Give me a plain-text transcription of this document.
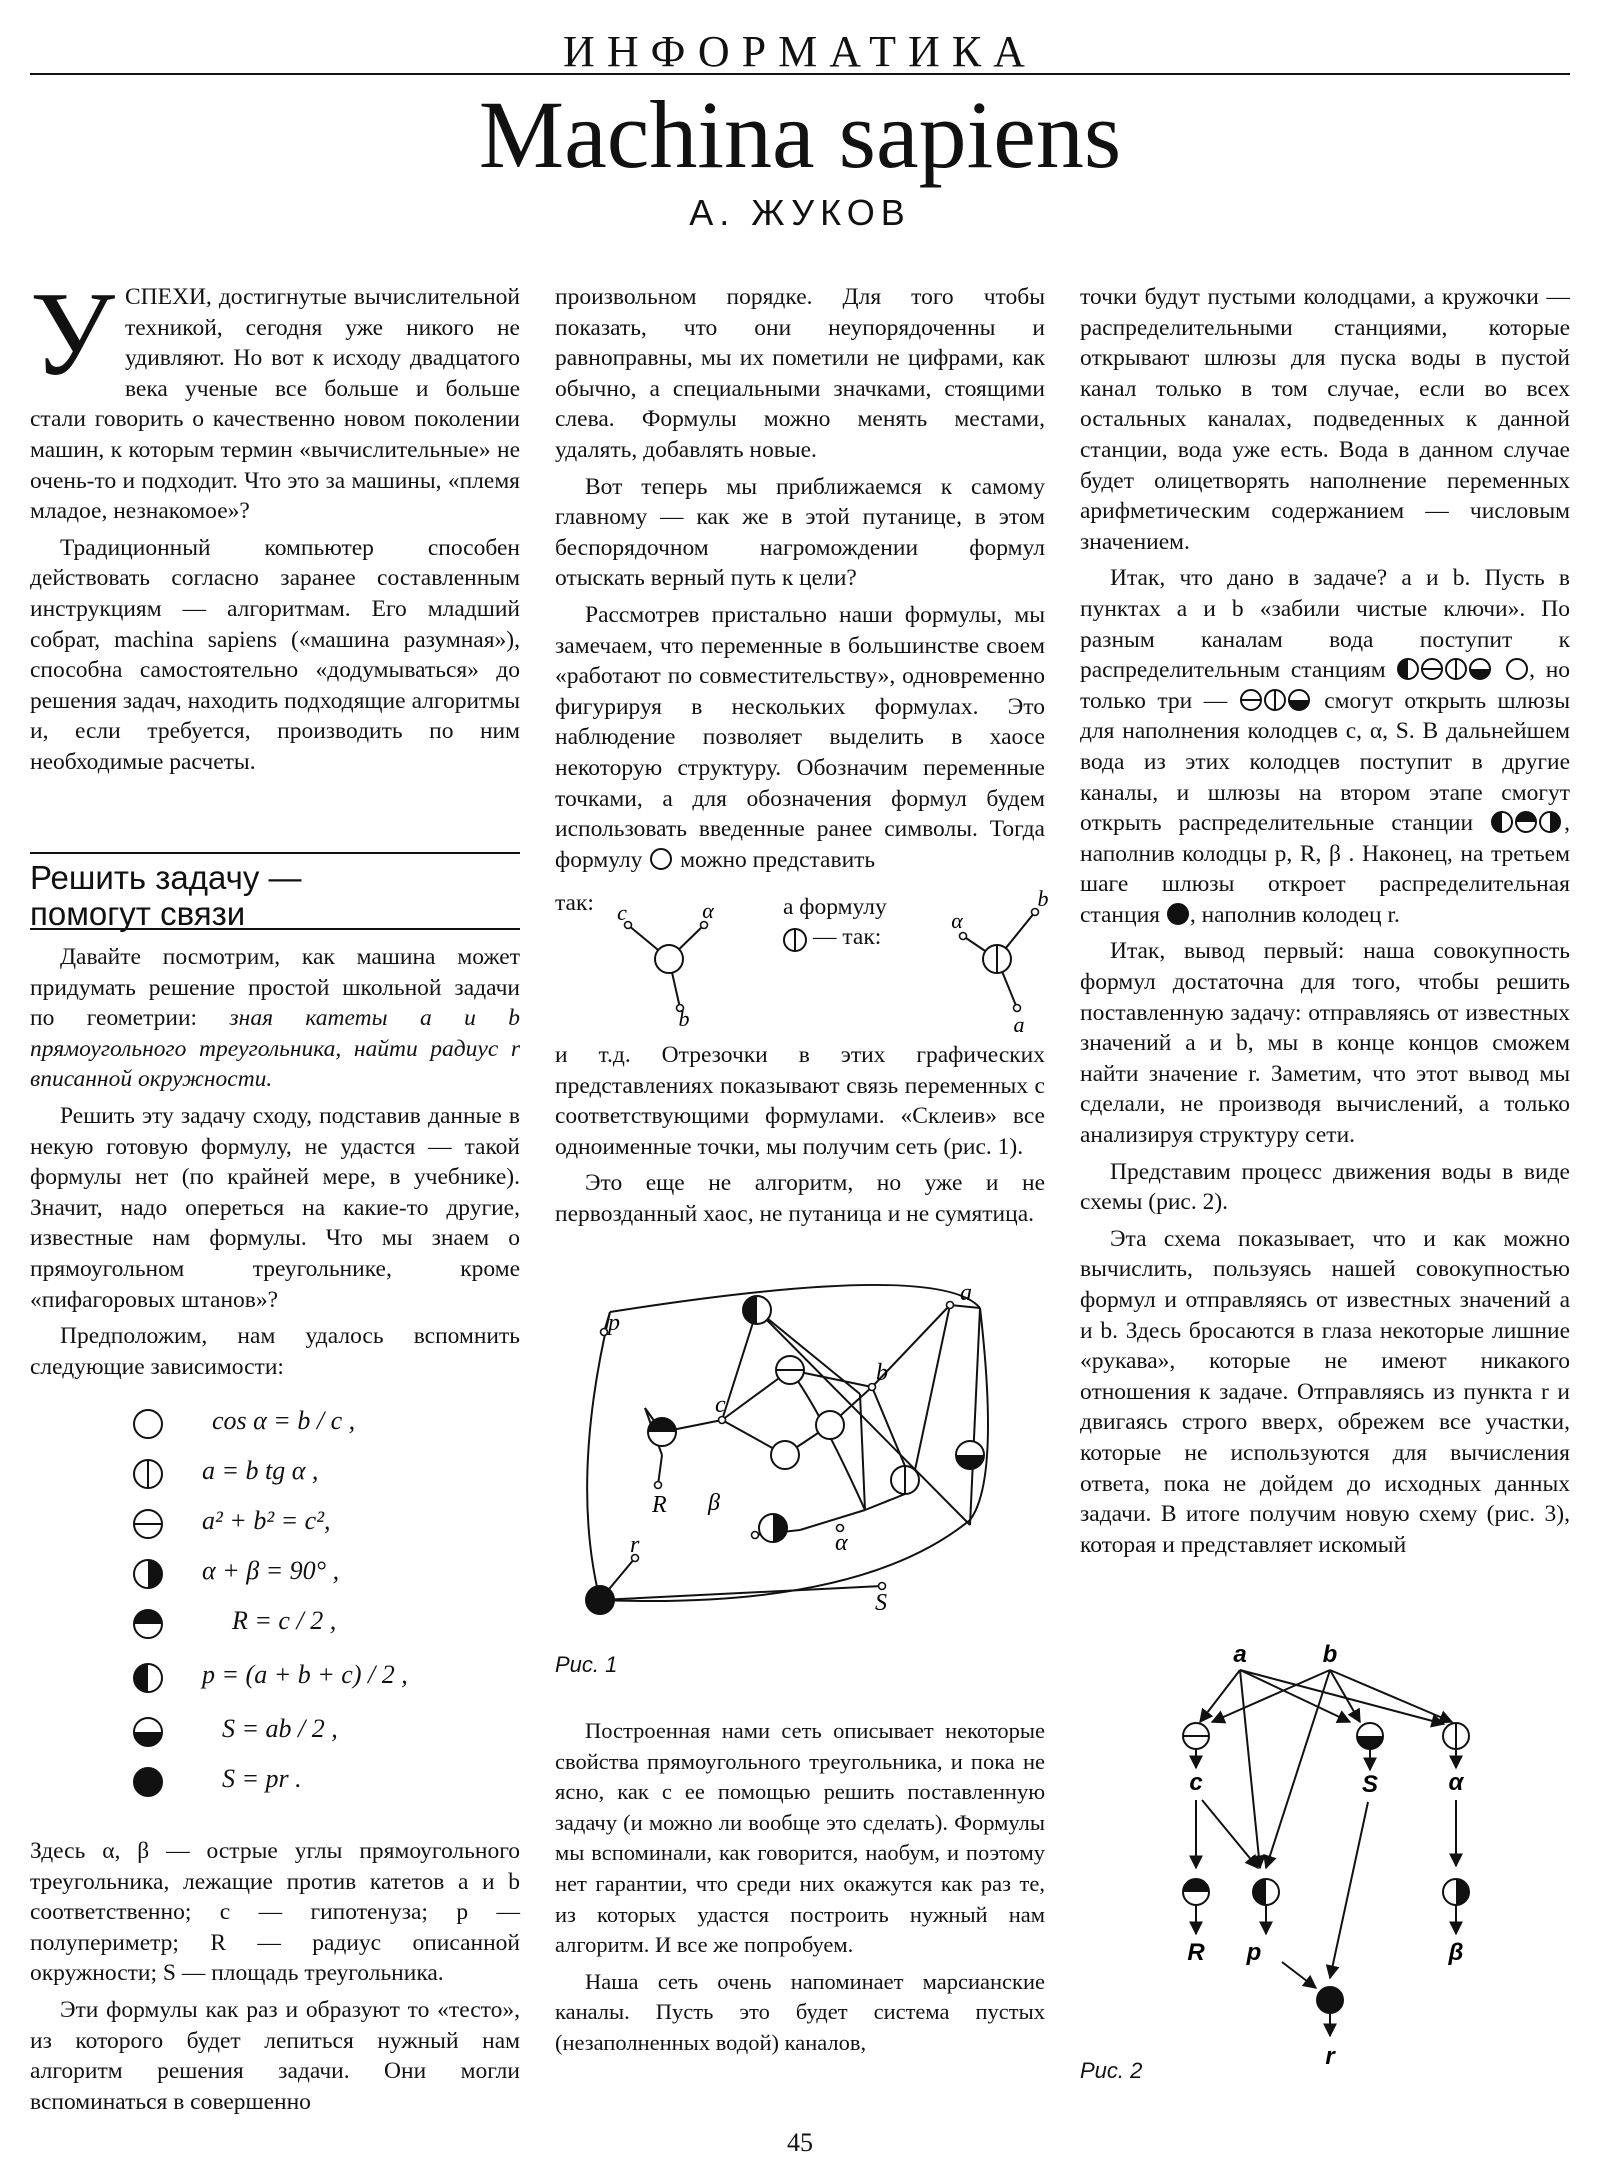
ИНФОРМАТИКА
Machina sapiens
А. ЖУКОВ
У СПЕХИ, достигнутые вычислительной техникой, сегодня уже никого не удивляют. Но вот к исходу двадцатого века ученые все больше и больше стали говорить о качественно новом поколении машин, к которым термин «вычислительные» не очень-то и подходит. Что это за машины, «племя младое, незнакомое»?

Традиционный компьютер способен действовать согласно заранее составленным инструкциям — алгоритмам. Его младший собрат, machina sapiens («машина разумная»), способна самостоятельно «додумываться» до решения задач, находить подходящие алгоритмы и, если требуется, производить по ним необходимые расчеты.

Решить задачу — помогут связи

Давайте посмотрим, как машина может придумать решение простой школьной задачи по геометрии: зная катеты a и b прямоугольного треугольника, найти радиус r вписанной окружности.

Решить эту задачу сходу, подставив данные в некую готовую формулу, не удастся — такой формулы нет (по крайней мере, в учебнике). Значит, надо опереться на какие-то другие, известные нам формулы. Что мы знаем о прямоугольном треугольнике, кроме «пифагоровых штанов»?

Предположим, нам удалось вспомнить следующие зависимости:

cos α = b / c ,
a = b tg α ,
a² + b² = c²,
α + β = 90° ,
R = c / 2 ,
p = (a + b + c) / 2 ,
S = ab / 2 ,
S = pr .

Здесь α, β — острые углы прямоугольного треугольника, лежащие против катетов a и b соответственно; c — гипотенуза; p — полупериметр; R — радиус описанной окружности; S — площадь треугольника.

Эти формулы как раз и образуют то «тесто», из которого будет лепиться нужный нам алгоритм решения задачи. Они могли вспоминаться в совершенно

произвольном порядке. Для того чтобы показать, что они неупорядоченны и равноправны, мы их пометили не цифрами, как обычно, а специальными значками, стоящими слева. Формулы можно менять местами, удалять, добавлять новые.

Вот теперь мы приближаемся к самому главному — как же в этой путанице, в этом беспорядочном нагромождении формул отыскать верный путь к цели?

Рассмотрев пристально наши формулы, мы замечаем, что переменные в большинстве своем «работают по совместительству», одновременно фигурируя в нескольких формулах. Это наблюдение позволяет выделить в хаосе некоторую структуру. Обозначим переменные точками, а для обозначения формул будем использовать введенные ранее символы. Тогда формулу можно представить

так:	а формулу
— так:
c	α
b
α
b
a

и т.д. Отрезочки в этих графических представлениях показывают связь переменных с соответствующими формулами. «Склеив» все одноименные точки, мы получим сеть (рис. 1).

Это еще не алгоритм, но уже и не первозданный хаос, не путаница и не сумятица.

a
b
c
p
R β
α
r
S
Рис. 1

Построенная нами сеть описывает некоторые свойства прямоугольного треугольника, и пока не ясно, как с ее помощью решить поставленную задачу (и можно ли вообще это сделать). Формулы мы вспоминали, как говорится, наобум, и поэтому нет гарантии, что среди них окажутся как раз те, из которых удастся построить нужный нам алгоритм. И все же попробуем.

Наша сеть очень напоминает марсианские каналы. Пусть это будет система пустых (незаполненных водой) каналов,

точки будут пустыми колодцами, а кружочки — распределительными станциями, которые открывают шлюзы для пуска воды в пустой канал только в том случае, если во всех остальных каналах, подведенных к данной станции, вода уже есть. Вода в данном случае будет олицетворять наполнение переменных арифметическим содержанием — числовым значением.

Итак, что дано в задаче? a и b. Пусть в пунктах a и b «забили чистые ключи». По разным каналам вода поступит к распределительным станциям	, но только три —	смогут открыть шлюзы для наполнения колодцев c, α, S. В дальнейшем вода из этих колодцев поступит в другие каналы, и шлюзы на втором этапе смогут открыть распределительные станции	, наполнив колодцы p, R, β . Наконец, на третьем шаге шлюзы откроет распределительная станция , наполнив колодец r.

Итак, вывод первый: наша совокупность формул достаточна для того, чтобы решить поставленную задачу: отправляясь от известных значений a и b, мы в конце концов сможем найти значение r. Заметим, что этот вывод мы сделали, не производя вычислений, а только анализируя структуру сети.

Представим процесс движения воды в виде схемы (рис. 2).

Эта схема показывает, что и как можно вычислить, пользуясь нашей совокупностью формул и отправляясь от известных значений a и b. Здесь бросаются в глаза некоторые лишние «рукава», которые не имеют никакого отношения к задаче. Отправляясь из пункта r и двигаясь строго вверх, обрежем все участки, которые не используются для вычисления ответа, пока не дойдем до исходных данных задачи. В итоге получим новую схему (рис. 3), которая и представляет искомый

a	b
c	S	α
R p	β
r
Рис. 2
45
